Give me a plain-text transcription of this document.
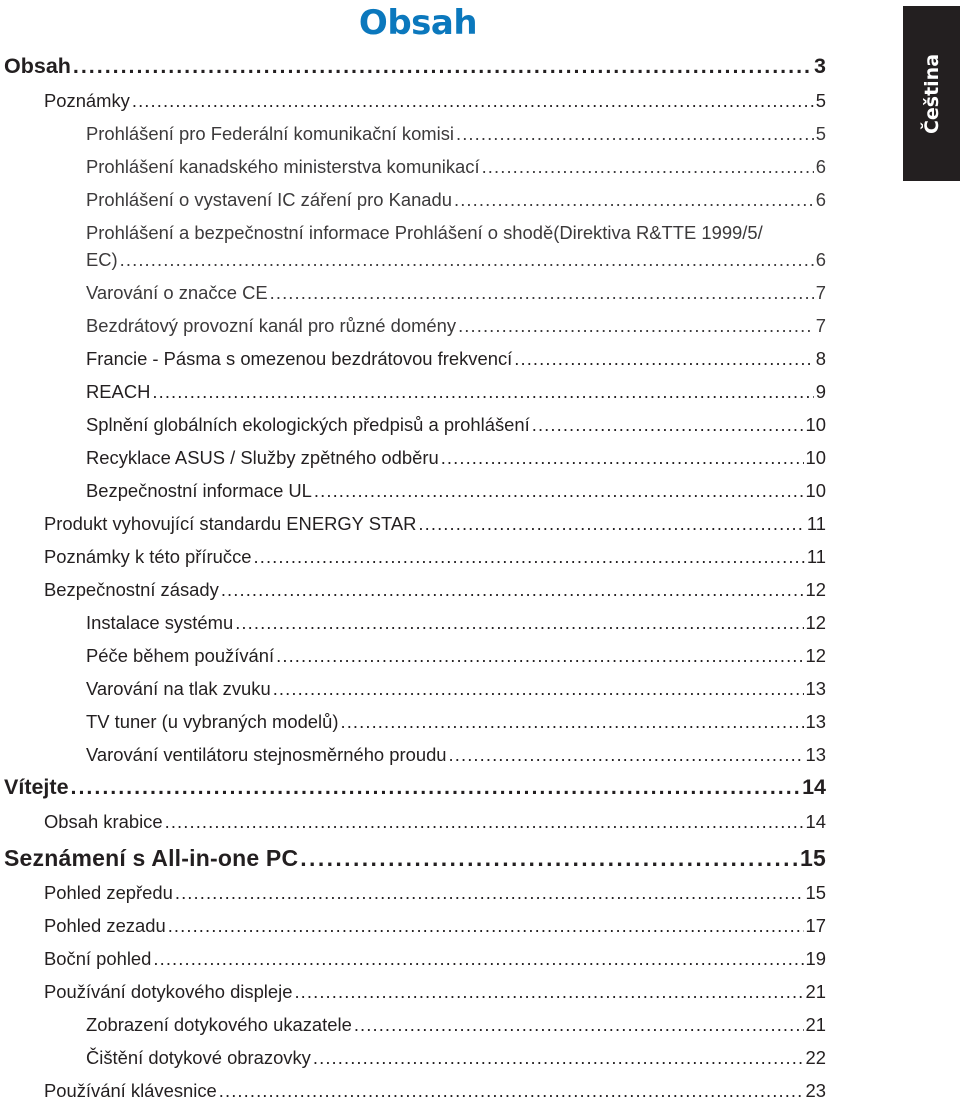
Obsah
Čeština
Obsah . . .	3
Poznámky . . .	5
Prohlášení pro Federální komunikační komisi . . .	5
Prohlášení kanadského ministerstva komunikací . . .	6
Prohlášení o vystavení IC záření pro Kanadu . . .	6
Prohlášení a bezpečnostní informace Prohlášení o shodě(Direktiva R&TTE 1999/5/
EC) . . .	6
Varování o značce CE . . .	7
Bezdrátový provozní kanál pro různé domény . . .	7
Francie - Pásma s omezenou bezdrátovou frekvencí . . .	8
REACH . . .	9
Splnění globálních ekologických předpisů a prohlášení . . .	10
Recyklace ASUS / Služby zpětného odběru . . .	10
Bezpečnostní informace UL . . .	10
Produkt vyhovující standardu ENERGY STAR . . .	11
Poznámky k této příručce . . .	11
Bezpečnostní zásady . . .	12
Instalace systému . . .	12
Péče během používání . . .	12
Varování na tlak zvuku . . .	13
TV tuner (u vybraných modelů) . . .	13
Varování ventilátoru stejnosměrného proudu . . .	13
Vítejte . . .	14
Obsah krabice . . .	14
Seznámení s All-in-one PC . . .	15
Pohled zepředu . . .	15
Pohled zezadu . . .	17
Boční pohled . . .	19
Používání dotykového displeje . . .	21
Zobrazení dotykového ukazatele . . .	21
Čištění dotykové obrazovky . . .	22
Používání klávesnice . . .	23
